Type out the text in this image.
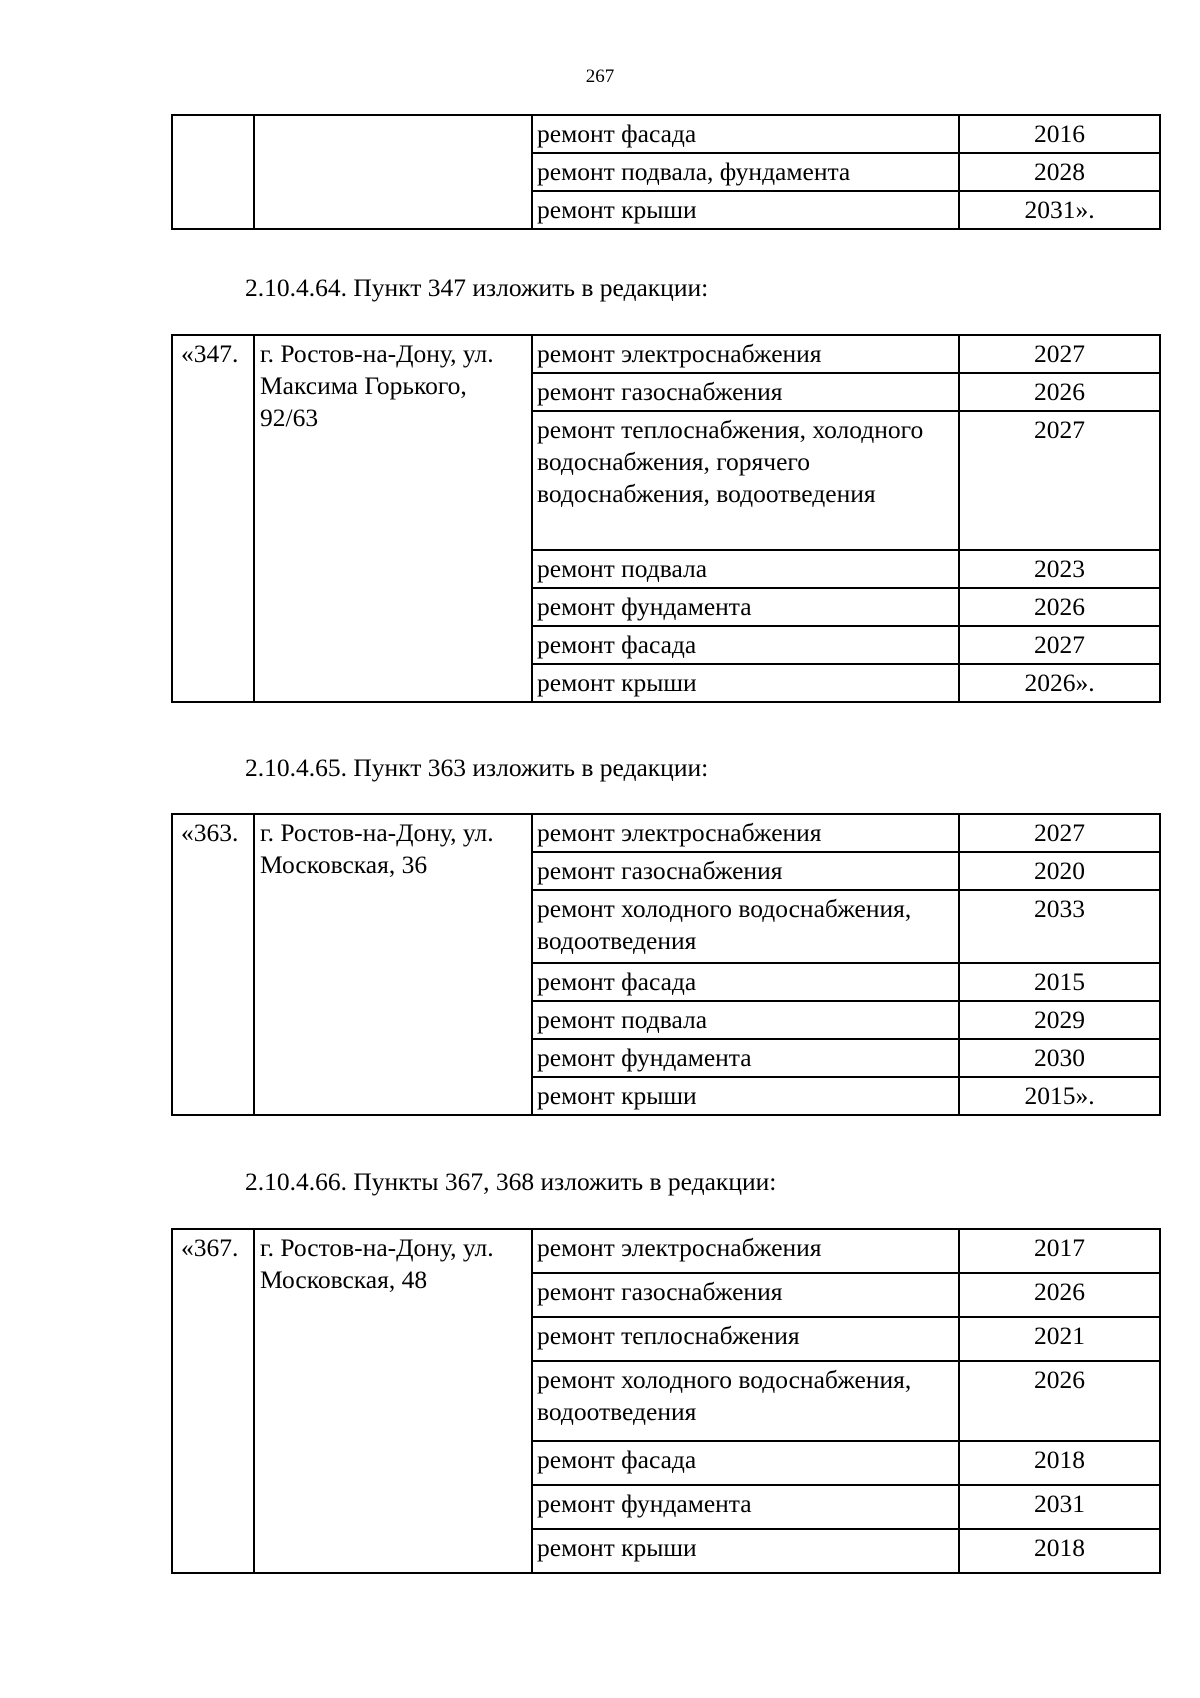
267
		ремонт фасада	2016
		ремонт подвала, фундамента	2028
		ремонт крыши	2031».
2.10.4.64. Пункт 347 изложить в редакции:
«347.	г. Ростов-на-Дону, ул. Максима Горького, 92/63	ремонт электроснабжения	2027
		ремонт газоснабжения	2026
		ремонт теплоснабжения, холодного водоснабжения, горячего водоснабжения, водоотведения	2027
		ремонт подвала	2023
		ремонт фундамента	2026
		ремонт фасада	2027
		ремонт крыши	2026».
2.10.4.65. Пункт 363 изложить в редакции:
«363.	г. Ростов-на-Дону, ул. Московская, 36	ремонт электроснабжения	2027
		ремонт газоснабжения	2020
		ремонт холодного водоснабжения, водоотведения	2033
		ремонт фасада	2015
		ремонт подвала	2029
		ремонт фундамента	2030
		ремонт крыши	2015».
2.10.4.66. Пункты 367, 368 изложить в редакции:
«367.	г. Ростов-на-Дону, ул. Московская, 48	ремонт электроснабжения	2017
		ремонт газоснабжения	2026
		ремонт теплоснабжения	2021
		ремонт холодного водоснабжения, водоотведения	2026
		ремонт фасада	2018
		ремонт фундамента	2031
		ремонт крыши	2018
